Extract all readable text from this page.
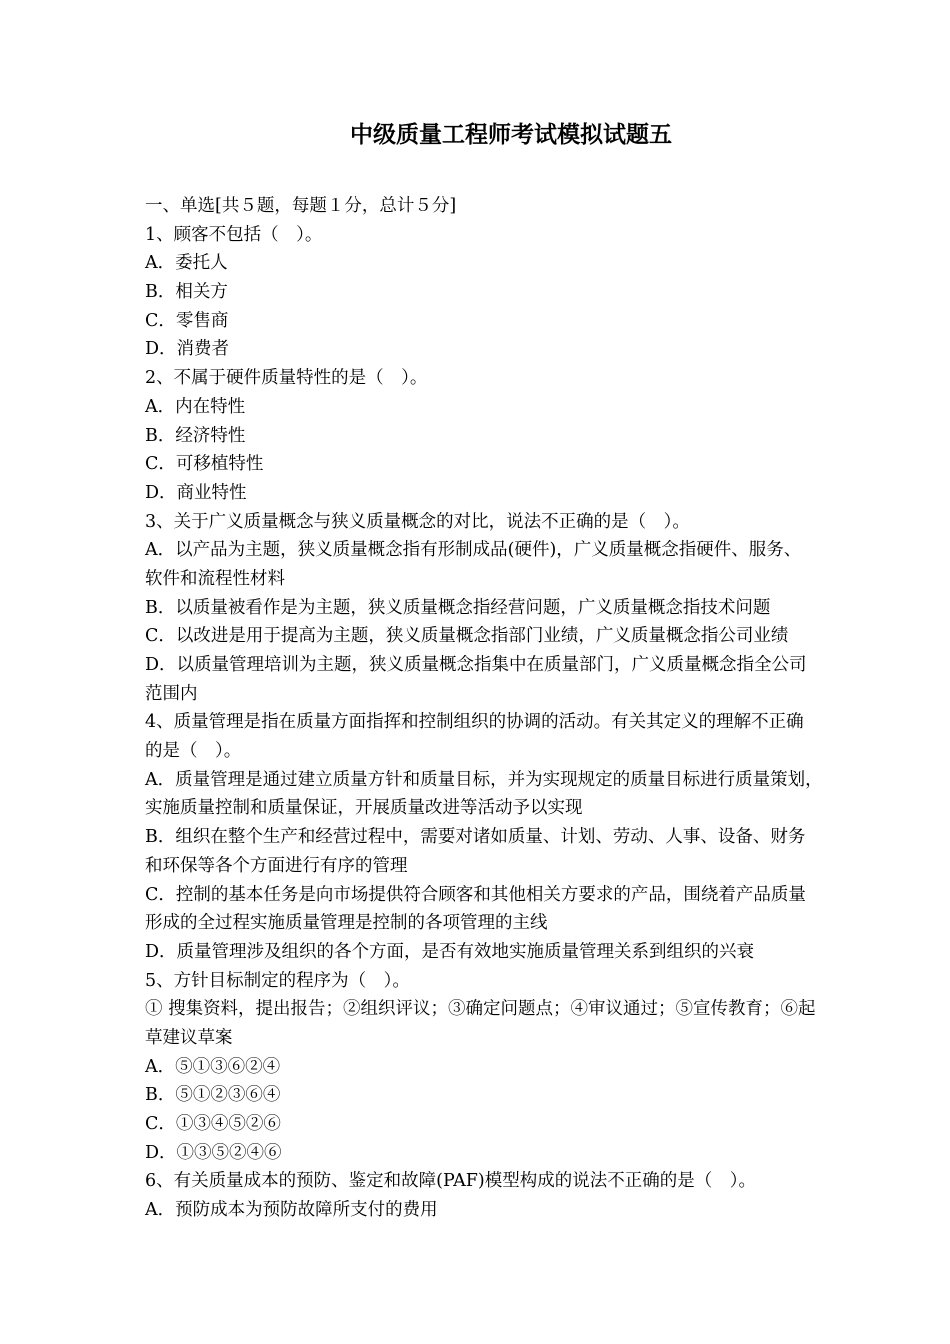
中级质量工程师考试模拟试题五
一、单选[共５题，每题１分，总计５分]
1、顾客不包括（　）。
A．委托人
B．相关方
C．零售商
D．消费者
2、不属于硬件质量特性的是（　）。
A．内在特性
B．经济特性
C．可移植特性
D．商业特性
3、关于广义质量概念与狭义质量概念的对比，说法不正确的是（　）。
A．以产品为主题，狭义质量概念指有形制成品(硬件)，广义质量概念指硬件、服务、
软件和流程性材料
B．以质量被看作是为主题，狭义质量概念指经营问题，广义质量概念指技术问题
C．以改进是用于提高为主题，狭义质量概念指部门业绩，广义质量概念指公司业绩
D．以质量管理培训为主题，狭义质量概念指集中在质量部门，广义质量概念指全公司
范围内
4、质量管理是指在质量方面指挥和控制组织的协调的活动。有关其定义的理解不正确
的是（　）。
A．质量管理是通过建立质量方针和质量目标，并为实现规定的质量目标进行质量策划，
实施质量控制和质量保证，开展质量改进等活动予以实现
B．组织在整个生产和经营过程中，需要对诸如质量、计划、劳动、人事、设备、财务
和环保等各个方面进行有序的管理
C．控制的基本任务是向市场提供符合顾客和其他相关方要求的产品，围绕着产品质量
形成的全过程实施质量管理是控制的各项管理的主线
D．质量管理涉及组织的各个方面，是否有效地实施质量管理关系到组织的兴衰
5、方针目标制定的程序为（　）。
① 搜集资料，提出报告；②组织评议；③确定问题点；④审议通过；⑤宣传教育；⑥起
草建议草案
A．⑤①③⑥②④
B．⑤①②③⑥④
C．①③④⑤②⑥
D．①③⑤②④⑥
6、有关质量成本的预防、鉴定和故障(PAF)模型构成的说法不正确的是（　）。
A．预防成本为预防故障所支付的费用
